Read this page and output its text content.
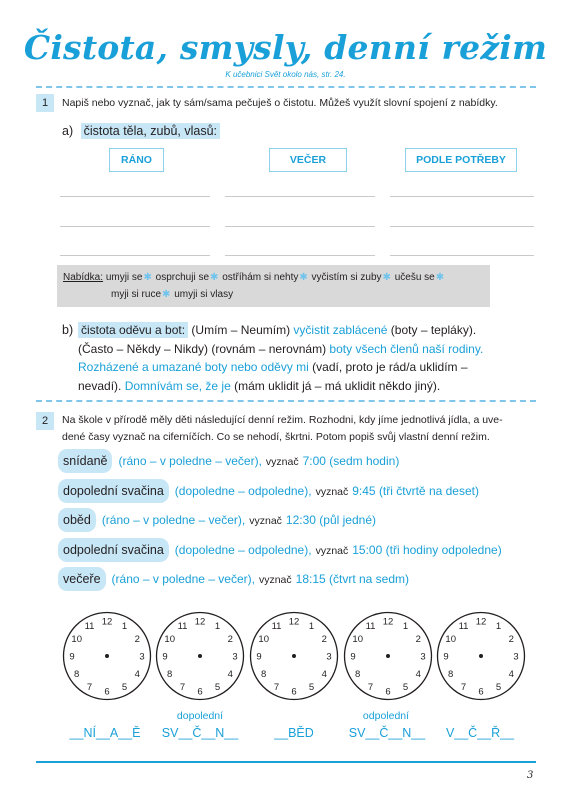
Čistota, smysly, denní režim
K učebnici Svět okolo nás, str. 24.
1	Napiš nebo vyznač, jak ty sám/sama pečuješ o čistotu. Můžeš využít slovní spojení z nabídky.
a) čistota těla, zubů, vlasů:
RÁNO	VEČER	PODLE POTŘEBY
Nabídka: umyji se✱ osprchuji se✱ ostříhám si nehty✱ vyčistím si zuby✱ učešu se✱
myji si ruce✱ umyji si vlasy
b) čistota oděvu a bot: (Umím – Neumím) vyčistit zablácené (boty – tepláky).
(Často – Někdy – Nikdy) (rovnám – nerovnám) boty všech členů naší rodiny.
Rozházené a umazané boty nebo oděvy mi (vadí, proto je rád/a uklidím –
nevadí). Domnívám se, že je (mám uklidit já – má uklidit někdo jiný).
2	Na škole v přírodě měly děti následující denní režim. Rozhodni, kdy jíme jednotlivá jídla, a uve-
dené časy vyznač na ciferníčích. Co se nehodí, škrtni. Potom popiš svůj vlastní denní režim.
snídaně (ráno – v poledne – večer), vyznač 7:00 (sedm hodin)
dopolední svačina (dopoledne – odpoledne), vyznač 9:45 (tři čtvrtě na deset)
oběd (ráno – v poledne – večer), vyznač 12:30 (půl jedné)
odpolední svačina (dopoledne – odpoledne), vyznač 15:00 (tři hodiny odpoledne)
večeře (ráno – v poledne – večer), vyznač 18:15 (čtvrt na sedm)
12 1
2
3
4
5
6
7
8
9
10
11	12 1
2
3
4
5
6
7
8
9
10
11	12 1
2
3
4
5
6
7
8
9
10
11	12 1
2
3
4
5
6
7
8
9
10
11	12 1
2
3
4
5
6
7
8
9
10
11
dopolední	odpolední
__NÍ__A__Ě	SV__Č__N__	__BĚD	SV__Č__N__	V__Č__Ř__
3
